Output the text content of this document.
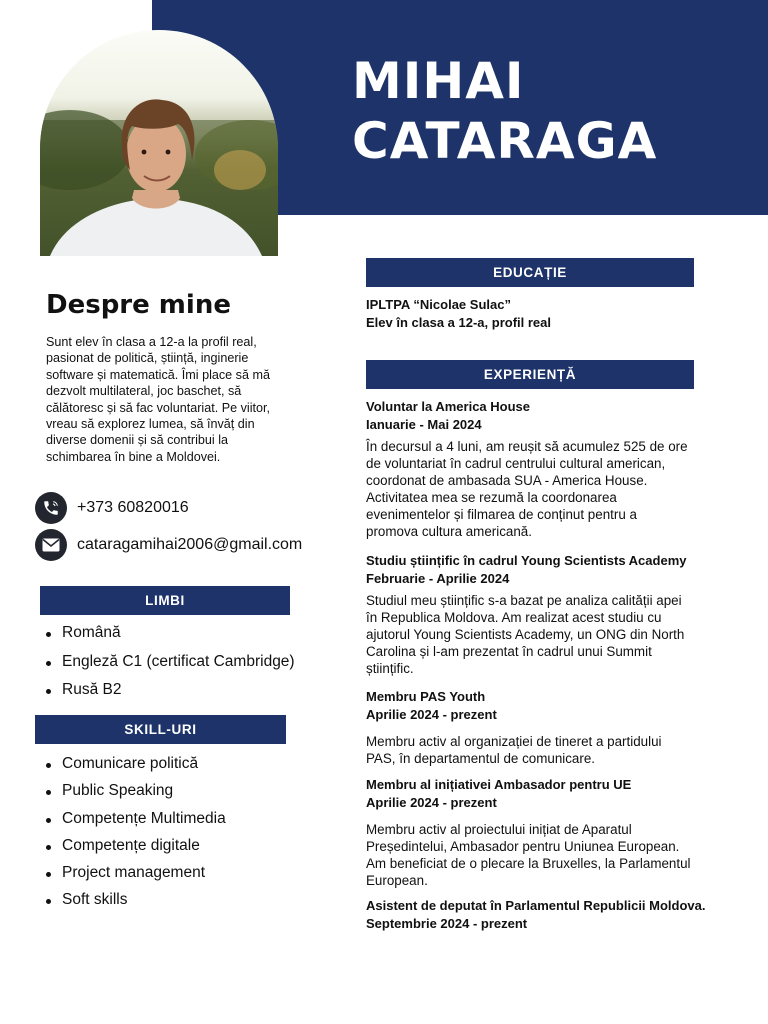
MIHAI
CATARAGA
Despre mine
Sunt elev în clasa a 12-a la profil real,
pasionat de politică, știință, inginerie
software și matematică. Îmi place să mă
dezvolt multilateral, joc baschet, să
călătoresc și să fac voluntariat. Pe viitor,
vreau să explorez lumea, să învăț din
diverse domenii și să contribui la
schimbarea în bine a Moldovei.
+373 60820016
cataragamihai2006@gmail.com
LIMBI
Română
Engleză C1 (certificat Cambridge)
Rusă B2
SKILL-URI
Comunicare politică
Public Speaking
Competențe Multimedia
Competențe digitale
Project management
Soft skills
EDUCAȚIE
IPLTPA “Nicolae Sulac”
Elev în clasa a 12-a, profil real
EXPERIENȚĂ
Voluntar la America House
Ianuarie - Mai 2024
În decursul a 4 luni, am reușit să acumulez 525 de ore
de voluntariat în cadrul centrului cultural american,
coordonat de ambasada SUA - America House.
Activitatea mea se rezumă la coordonarea
evenimentelor și filmarea de conținut pentru a
promova cultura americană.
Studiu științific în cadrul Young Scientists Academy
Februarie - Aprilie 2024
Studiul meu științific s-a bazat pe analiza calității apei
în Republica Moldova. Am realizat acest studiu cu
ajutorul Young Scientists Academy, un ONG din North
Carolina și l-am prezentat în cadrul unui Summit
științific.
Membru PAS Youth
Aprilie 2024 - prezent
Membru activ al organizației de tineret a partidului
PAS, în departamentul de comunicare.
Membru al inițiativei Ambasador pentru UE
Aprilie 2024 - prezent
Membru activ al proiectului inițiat de Aparatul
Președintelui, Ambasador pentru Uniunea European.
Am beneficiat de o plecare la Bruxelles, la Parlamentul
European.
Asistent de deputat în Parlamentul Republicii Moldova.
Septembrie 2024 - prezent
